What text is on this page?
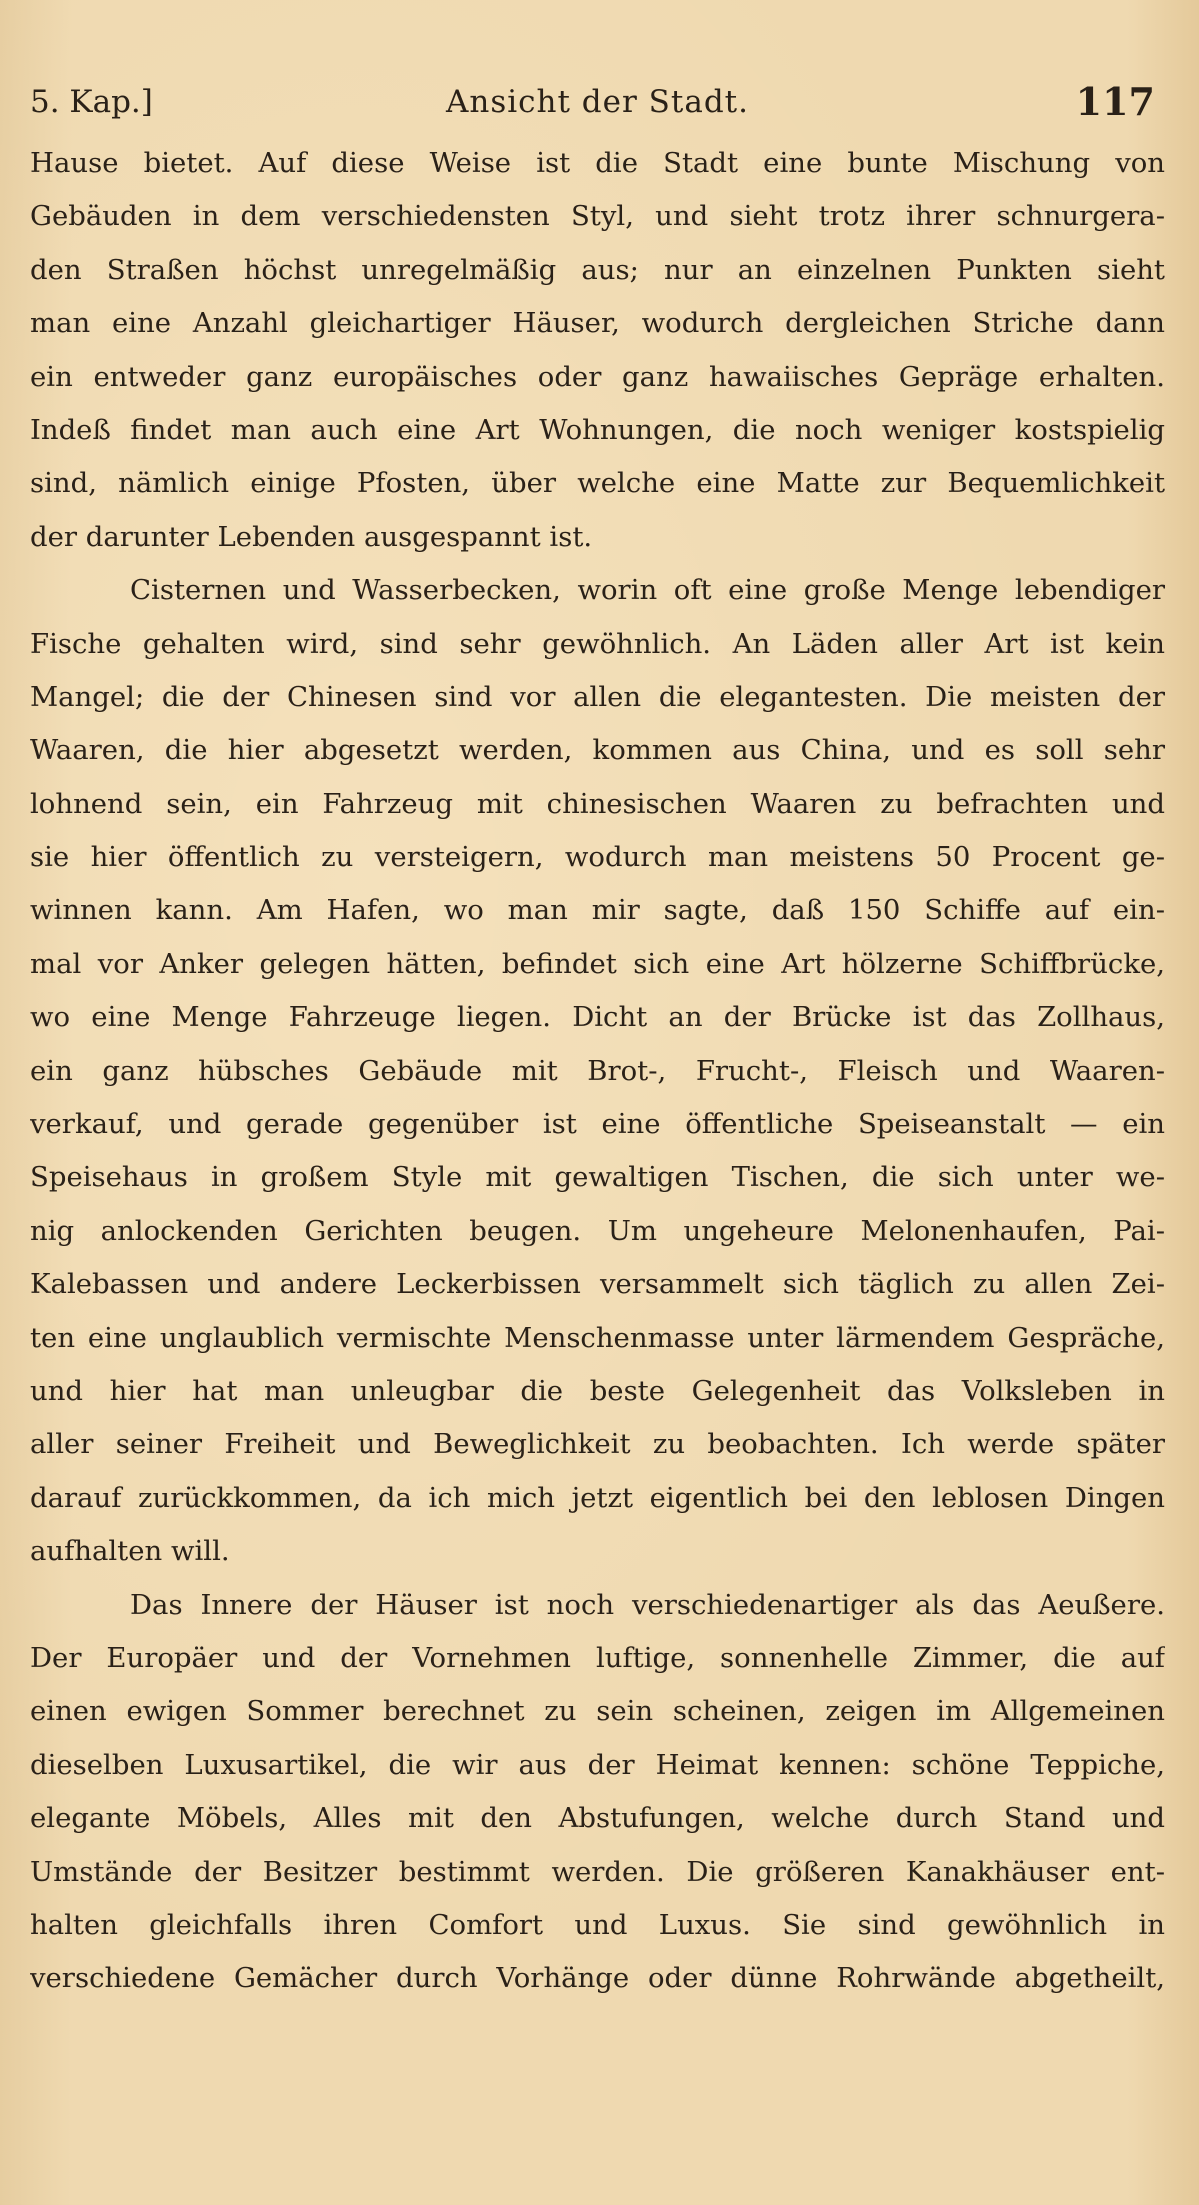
5. Kap.]	Ansicht der Stadt.	117
Hause bietet. Auf diese Weise ist die Stadt eine bunte Mischung von
Gebäuden in dem verschiedensten Styl, und sieht trotz ihrer schnurgera-
den Straßen höchst unregelmäßig aus; nur an einzelnen Punkten sieht
man eine Anzahl gleichartiger Häuser, wodurch dergleichen Striche dann
ein entweder ganz europäisches oder ganz hawaiisches Gepräge erhalten.
Indeß findet man auch eine Art Wohnungen, die noch weniger kostspielig
sind, nämlich einige Pfosten, über welche eine Matte zur Bequemlichkeit
der darunter Lebenden ausgespannt ist.
Cisternen und Wasserbecken, worin oft eine große Menge lebendiger
Fische gehalten wird, sind sehr gewöhnlich. An Läden aller Art ist kein
Mangel; die der Chinesen sind vor allen die elegantesten. Die meisten der
Waaren, die hier abgesetzt werden, kommen aus China, und es soll sehr
lohnend sein, ein Fahrzeug mit chinesischen Waaren zu befrachten und
sie hier öffentlich zu versteigern, wodurch man meistens 50 Procent ge-
winnen kann. Am Hafen, wo man mir sagte, daß 150 Schiffe auf ein-
mal vor Anker gelegen hätten, befindet sich eine Art hölzerne Schiffbrücke,
wo eine Menge Fahrzeuge liegen. Dicht an der Brücke ist das Zollhaus,
ein ganz hübsches Gebäude mit Brot-, Frucht-, Fleisch und Waaren-
verkauf, und gerade gegenüber ist eine öffentliche Speiseanstalt — ein
Speisehaus in großem Style mit gewaltigen Tischen, die sich unter we-
nig anlockenden Gerichten beugen. Um ungeheure Melonenhaufen, Pai-
Kalebassen und andere Leckerbissen versammelt sich täglich zu allen Zei-
ten eine unglaublich vermischte Menschenmasse unter lärmendem Gespräche,
und hier hat man unleugbar die beste Gelegenheit das Volksleben in
aller seiner Freiheit und Beweglichkeit zu beobachten. Ich werde später
darauf zurückkommen, da ich mich jetzt eigentlich bei den leblosen Dingen
aufhalten will.
Das Innere der Häuser ist noch verschiedenartiger als das Aeußere.
Der Europäer und der Vornehmen luftige, sonnenhelle Zimmer, die auf
einen ewigen Sommer berechnet zu sein scheinen, zeigen im Allgemeinen
dieselben Luxusartikel, die wir aus der Heimat kennen: schöne Teppiche,
elegante Möbels, Alles mit den Abstufungen, welche durch Stand und
Umstände der Besitzer bestimmt werden. Die größeren Kanakhäuser ent-
halten gleichfalls ihren Comfort und Luxus. Sie sind gewöhnlich in
verschiedene Gemächer durch Vorhänge oder dünne Rohrwände abgetheilt,
